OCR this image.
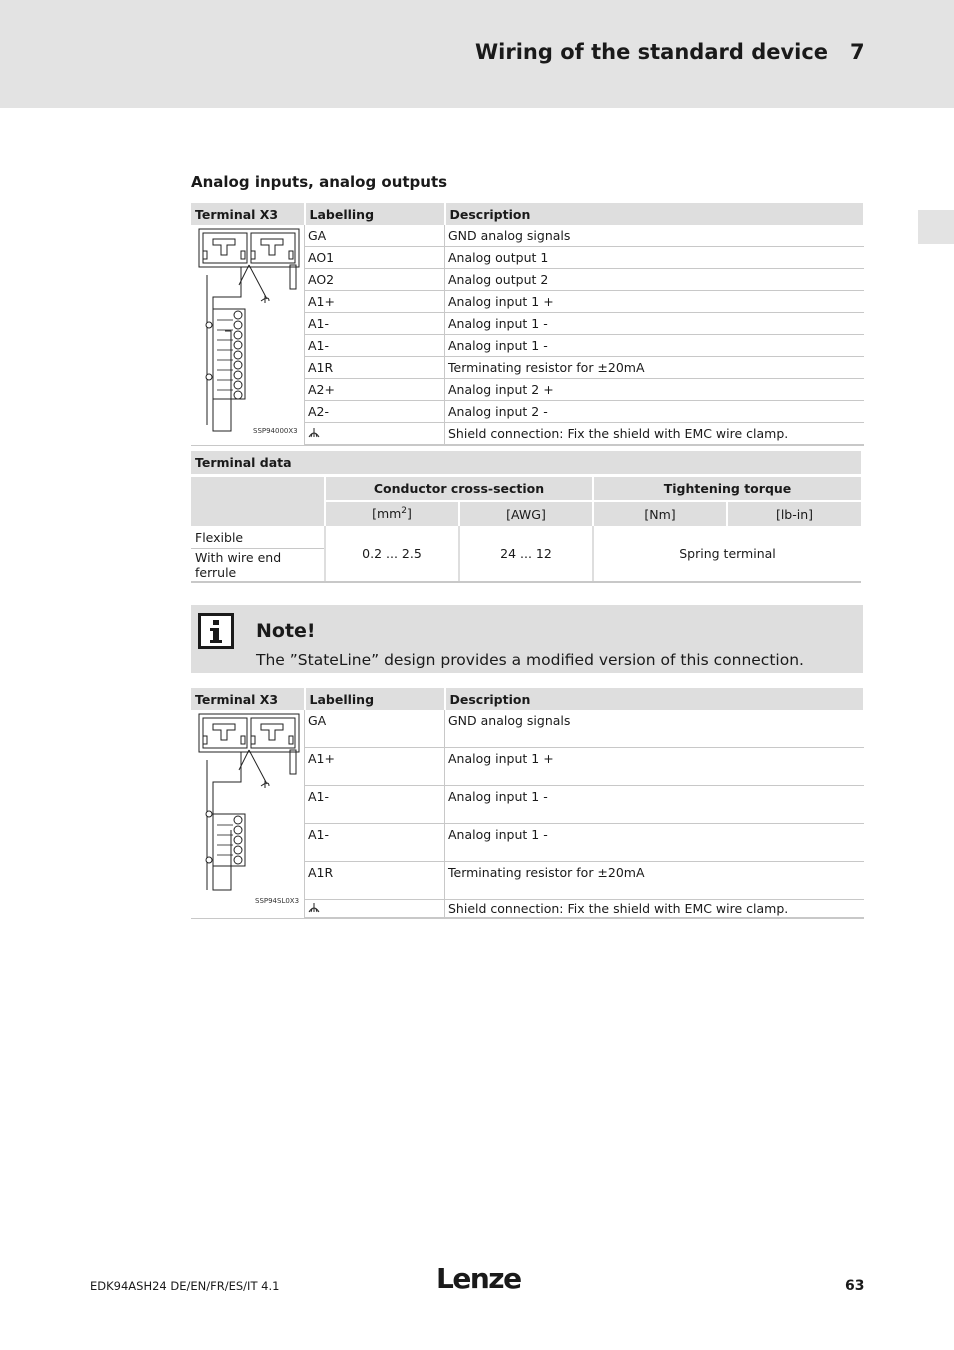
Wiring of the standard device 7
Analog inputs, analog outputs
Terminal X3	Labelling	Description

SSP94000X3	GA	GND analog signals
	AO1	Analog output 1
	AO2	Analog output 2
	A1+	Analog input 1 +
	A1-	Analog input 1 -
	A1-	Analog input 1 -
	A1R	Terminating resistor for ±20mA
	A2+	Analog input 2 +
	A2-	Analog input 2 -
	Shield connection: Fix the shield with EMC wire clamp.
Terminal data				
	Conductor cross-section		Tightening torque	
	$[mm^2]$	[AWG]	[Nm]	[lb-in]
Flexible	0.2 ... 2.5	24 ... 12	Spring terminal	
With wire end ferrule				
Note!
The ”StateLine” design provides a modified version of this connection.
Terminal X3	Labelling	Description

SSP94SL0X3	GA	GND analog signals
	A1+	Analog input 1 +
	A1-	Analog input 1 -
	A1-	Analog input 1 -
	A1R	Terminating resistor for ±20mA
	Shield connection: Fix the shield with EMC wire clamp.
EDK94ASH24 DE/EN/FR/ES/IT 4.1	Lenze	63
